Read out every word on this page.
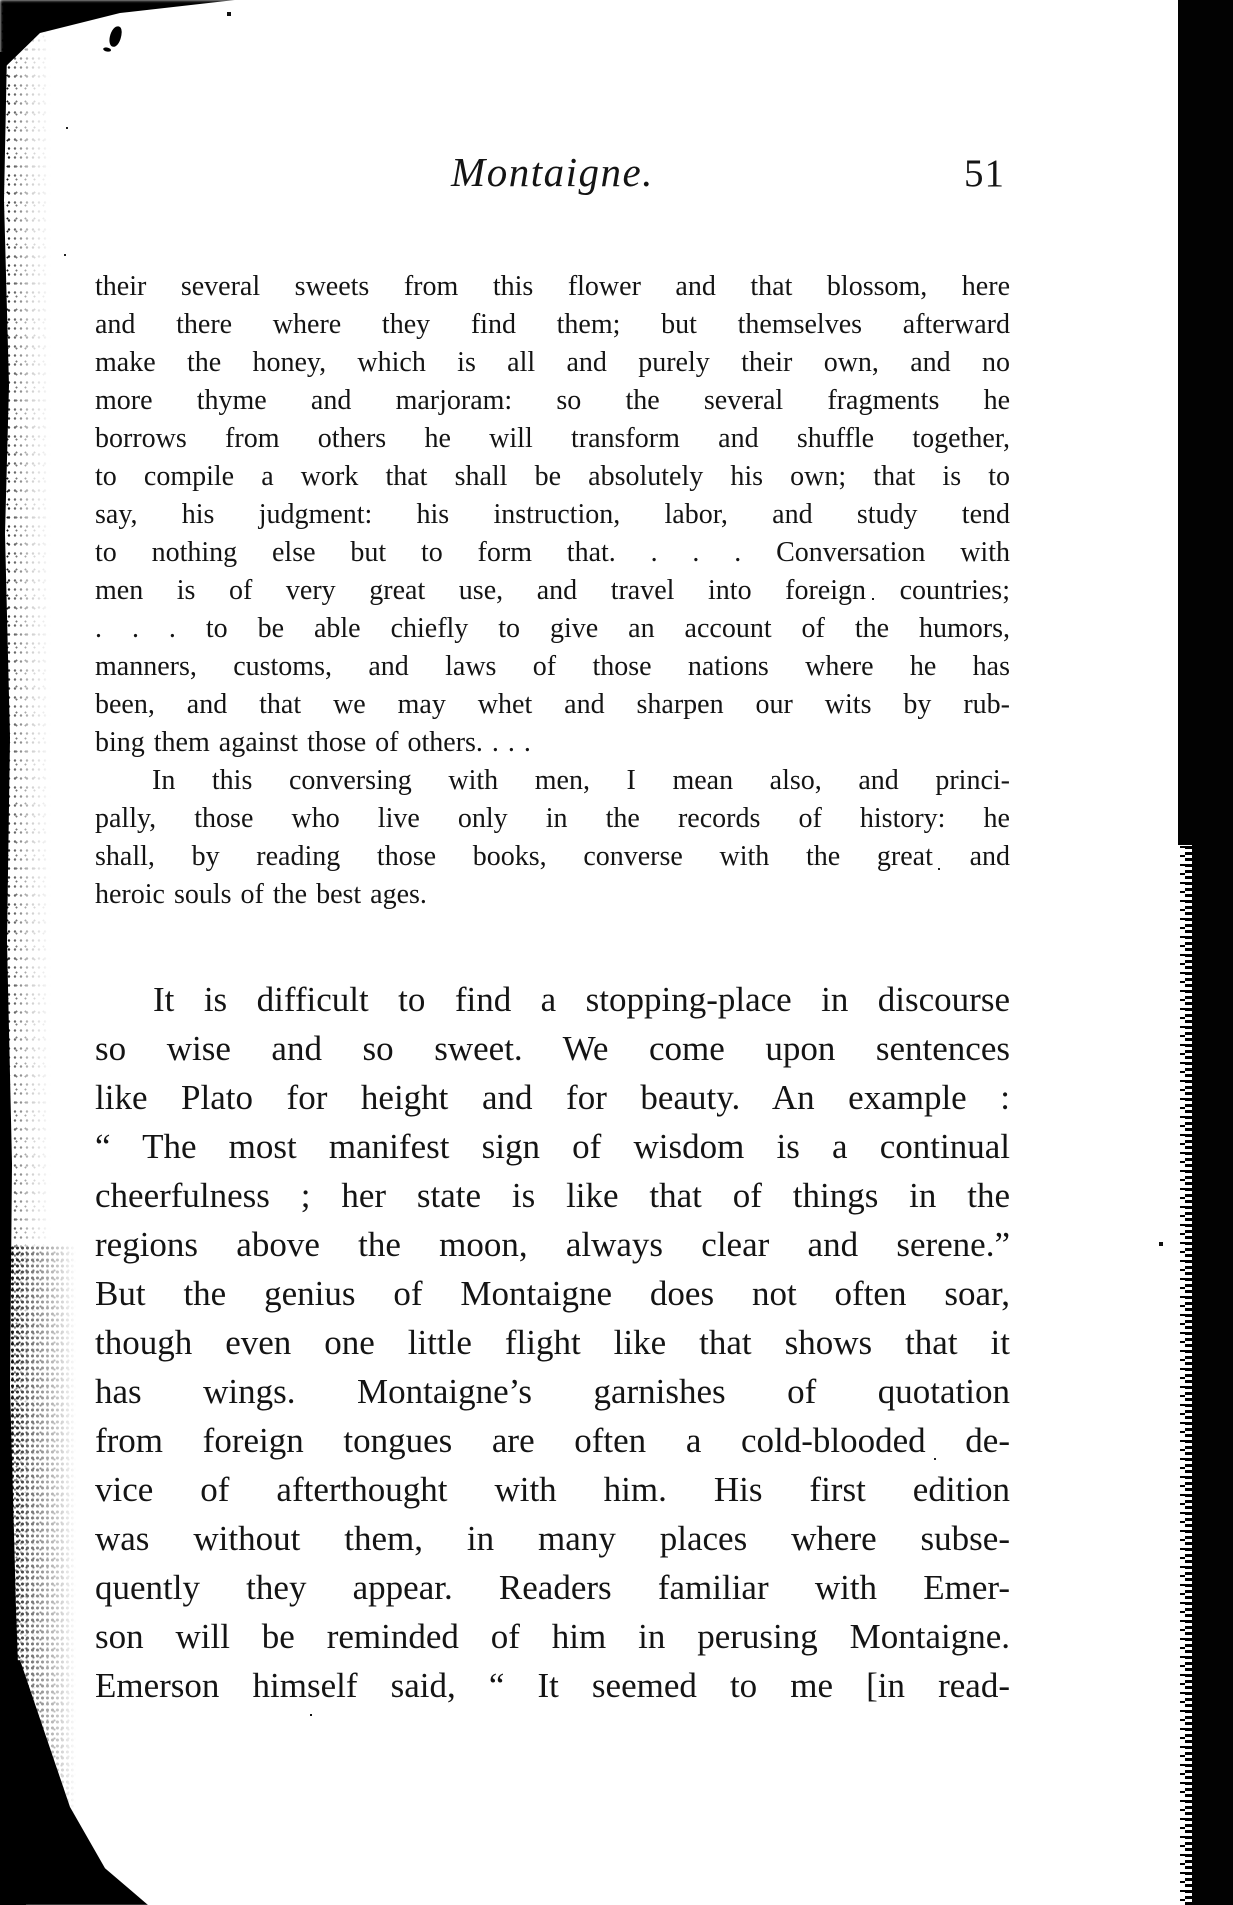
Montaigne.	51
their several sweets from this flower and that blossom, here
and there where they find them; but themselves afterward
make the honey, which is all and purely their own, and no
more thyme and marjoram: so the several fragments he
borrows from others he will transform and shuffle together,
to compile a work that shall be absolutely his own; that is to
say, his judgment: his instruction, labor, and study tend
to nothing else but to form that. . . . Conversation with
men is of very great use, and travel into foreign countries;
. . . to be able chiefly to give an account of the humors,
manners, customs, and laws of those nations where he has
been, and that we may whet and sharpen our wits by rub-
bing them against those of others. . . .
In this conversing with men, I mean also, and princi-
pally, those who live only in the records of history: he
shall, by reading those books, converse with the great and
heroic souls of the best ages.
It is difficult to find a stopping-place in discourse
so wise and so sweet. We come upon sentences
like Plato for height and for beauty. An example :
“ The most manifest sign of wisdom is a continual
cheerfulness ; her state is like that of things in the
regions above the moon, always clear and serene.”
But the genius of Montaigne does not often soar,
though even one little flight like that shows that it
has wings. Montaigne’s garnishes of quotation
from foreign tongues are often a cold-blooded de-
vice of afterthought with him. His first edition
was without them, in many places where subse-
quently they appear. Readers familiar with Emer-
son will be reminded of him in perusing Montaigne.
Emerson himself said, “ It seemed to me [in read-
